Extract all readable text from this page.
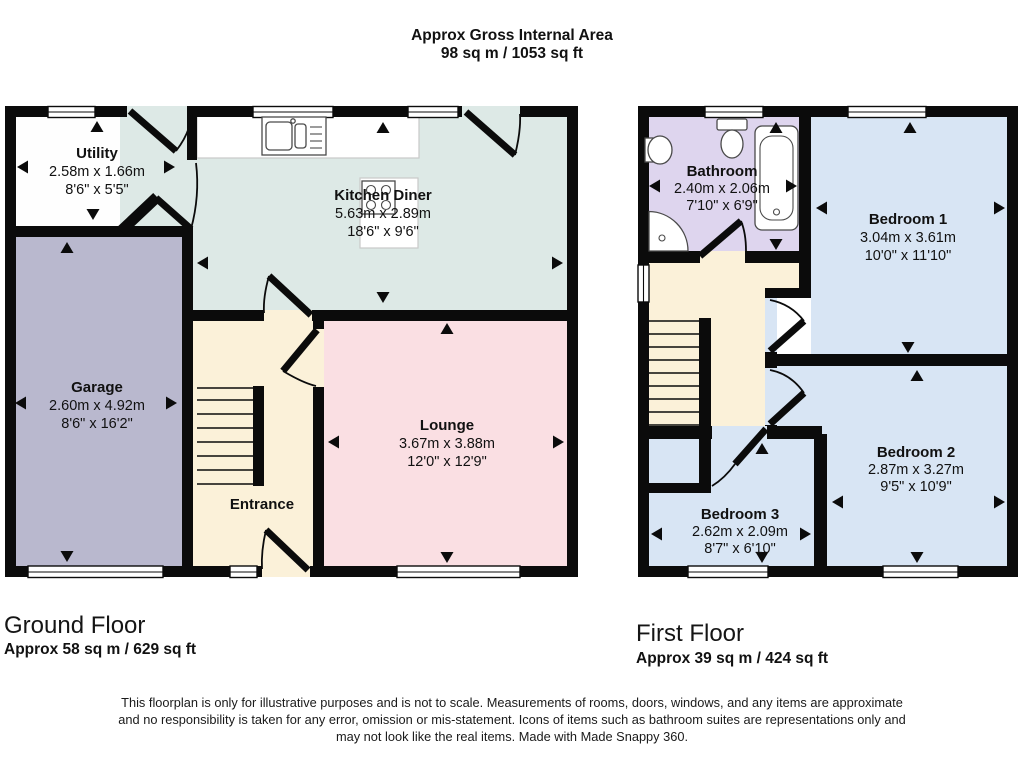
Approx Gross Internal Area
98 sq m / 1053 sq ft
Utility
2.58m x 1.66m
8'6" x 5'5"	Kitchen Diner
5.63m x 2.89m
18'6" x 9'6"
Garage
2.60m x 4.92m
8'6" x 16'2"	Lounge
3.67m x 3.88m
12'0" x 12'9"
Entrance
Bathroom
2.40m x 2.06m
7'10" x 6'9"
Bedroom 1
3.04m x 3.61m
10'0" x 11'10"
Bedroom 2
2.87m x 3.27m
9'5" x 10'9"
Bedroom 3
2.62m x 2.09m
8'7" x 6'10"
Ground Floor
Approx 58 sq m / 629 sq ft
First Floor
Approx 39 sq m / 424 sq ft
This floorplan is only for illustrative purposes and is not to scale. Measurements of rooms, doors, windows, and any items are approximate
and no responsibility is taken for any error, omission or mis-statement. Icons of items such as bathroom suites are representations only and
may not look like the real items. Made with Made Snappy 360.
